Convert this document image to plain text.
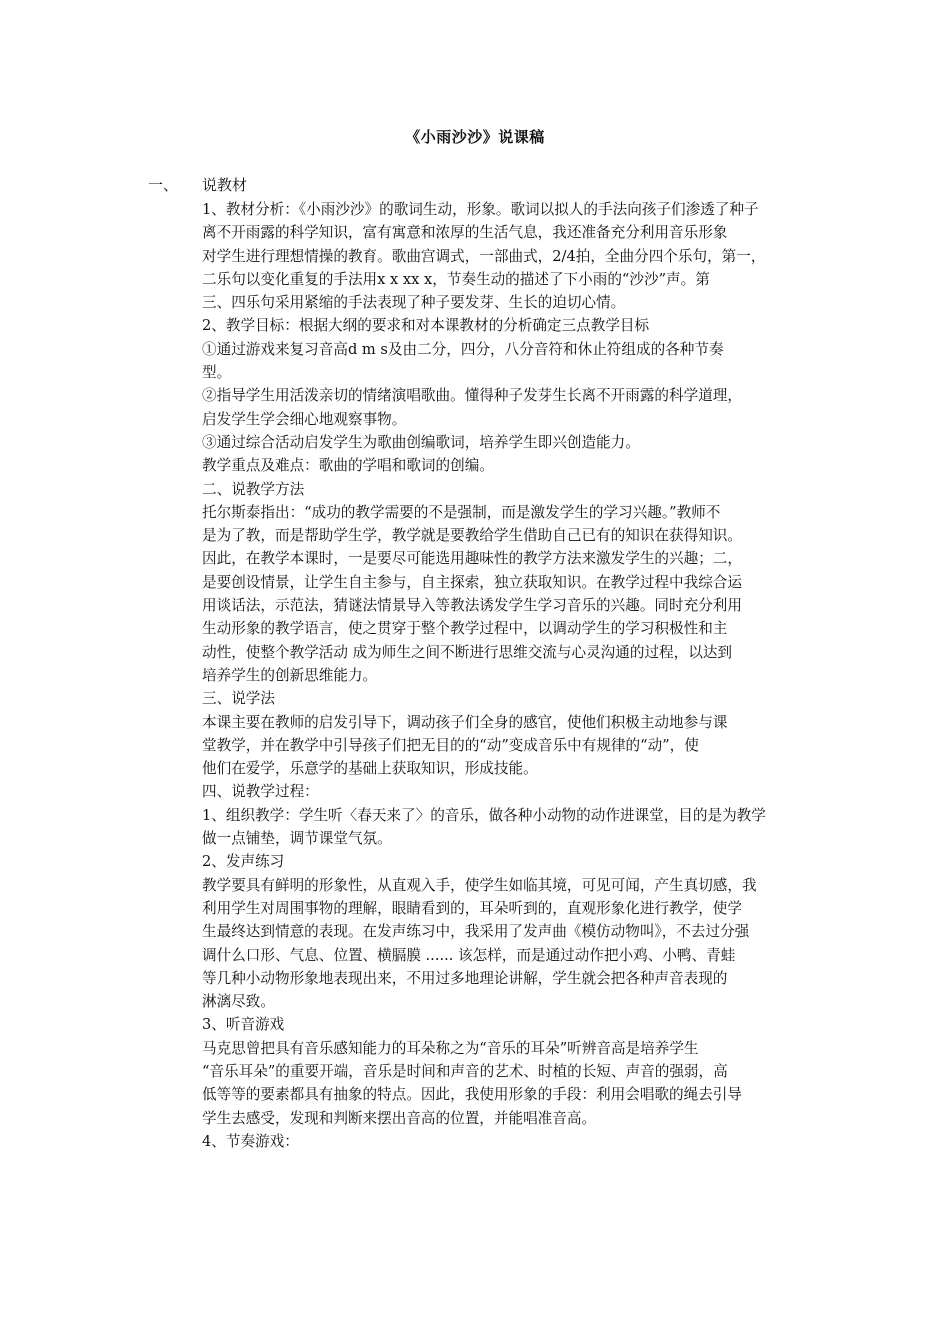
《小雨沙沙》说课稿
一、 说教材
1、教材分析：《小雨沙沙》的歌词生动，形象。歌词以拟人的手法向孩子们渗透了种子
离不开雨露的科学知识，富有寓意和浓厚的生活气息，我还准备充分利用音乐形象
对学生进行理想情操的教育。歌曲宫调式，一部曲式，2/4拍，全曲分四个乐句，第一，
二乐句以变化重复的手法用x x xx x，节奏生动的描述了下小雨的“沙沙”声。第
三、四乐句采用紧缩的手法表现了种子要发芽、生长的迫切心情。
2、教学目标：根据大纲的要求和对本课教材的分析确定三点教学目标
①通过游戏来复习音高d m s及由二分，四分，八分音符和休止符组成的各种节奏
型。
②指导学生用活泼亲切的情绪演唱歌曲。懂得种子发芽生长离不开雨露的科学道理，
启发学生学会细心地观察事物。
③通过综合活动启发学生为歌曲创编歌词，培养学生即兴创造能力。
教学重点及难点：歌曲的学唱和歌词的创编。
二、说教学方法
托尔斯泰指出：“成功的教学需要的不是强制，而是激发学生的学习兴趣。”教师不
是为了教，而是帮助学生学，教学就是要教给学生借助自己已有的知识在获得知识。
因此，在教学本课时，一是要尽可能选用趣味性的教学方法来激发学生的兴趣；二，
是要创设情景，让学生自主参与，自主探索，独立获取知识。在教学过程中我综合运
用谈话法，示范法，猜谜法情景导入等教法诱发学生学习音乐的兴趣。同时充分利用
生动形象的教学语言，使之贯穿于整个教学过程中，以调动学生的学习积极性和主
动性，使整个教学活动 成为师生之间不断进行思维交流与心灵沟通的过程，以达到
培养学生的创新思维能力。
三、说学法
本课主要在教师的启发引导下，调动孩子们全身的感官，使他们积极主动地参与课
堂教学，并在教学中引导孩子们把无目的的“动”变成音乐中有规律的“动”，使
他们在爱学，乐意学的基础上获取知识，形成技能。
四、说教学过程：
1、组织教学：学生听〈春天来了〉的音乐，做各种小动物的动作进课堂，目的是为教学
做一点铺垫，调节课堂气氛。
2、发声练习
教学要具有鲜明的形象性，从直观入手，使学生如临其境，可见可闻，产生真切感，我
利用学生对周围事物的理解，眼睛看到的，耳朵听到的，直观形象化进行教学，使学
生最终达到情意的表现。在发声练习中，我采用了发声曲《模仿动物叫》，不去过分强
调什么口形、气息、位置、横膈膜 ...... 该怎样，而是通过动作把小鸡、小鸭、青蛙
等几种小动物形象地表现出来，不用过多地理论讲解，学生就会把各种声音表现的
淋漓尽致。
3、听音游戏
马克思曾把具有音乐感知能力的耳朵称之为“音乐的耳朵”听辨音高是培养学生
“音乐耳朵”的重要开端，音乐是时间和声音的艺术、时植的长短、声音的强弱，高
低等等的要素都具有抽象的特点。因此，我使用形象的手段：利用会唱歌的绳去引导
学生去感受，发现和判断来摆出音高的位置，并能唱准音高。
4、节奏游戏：
